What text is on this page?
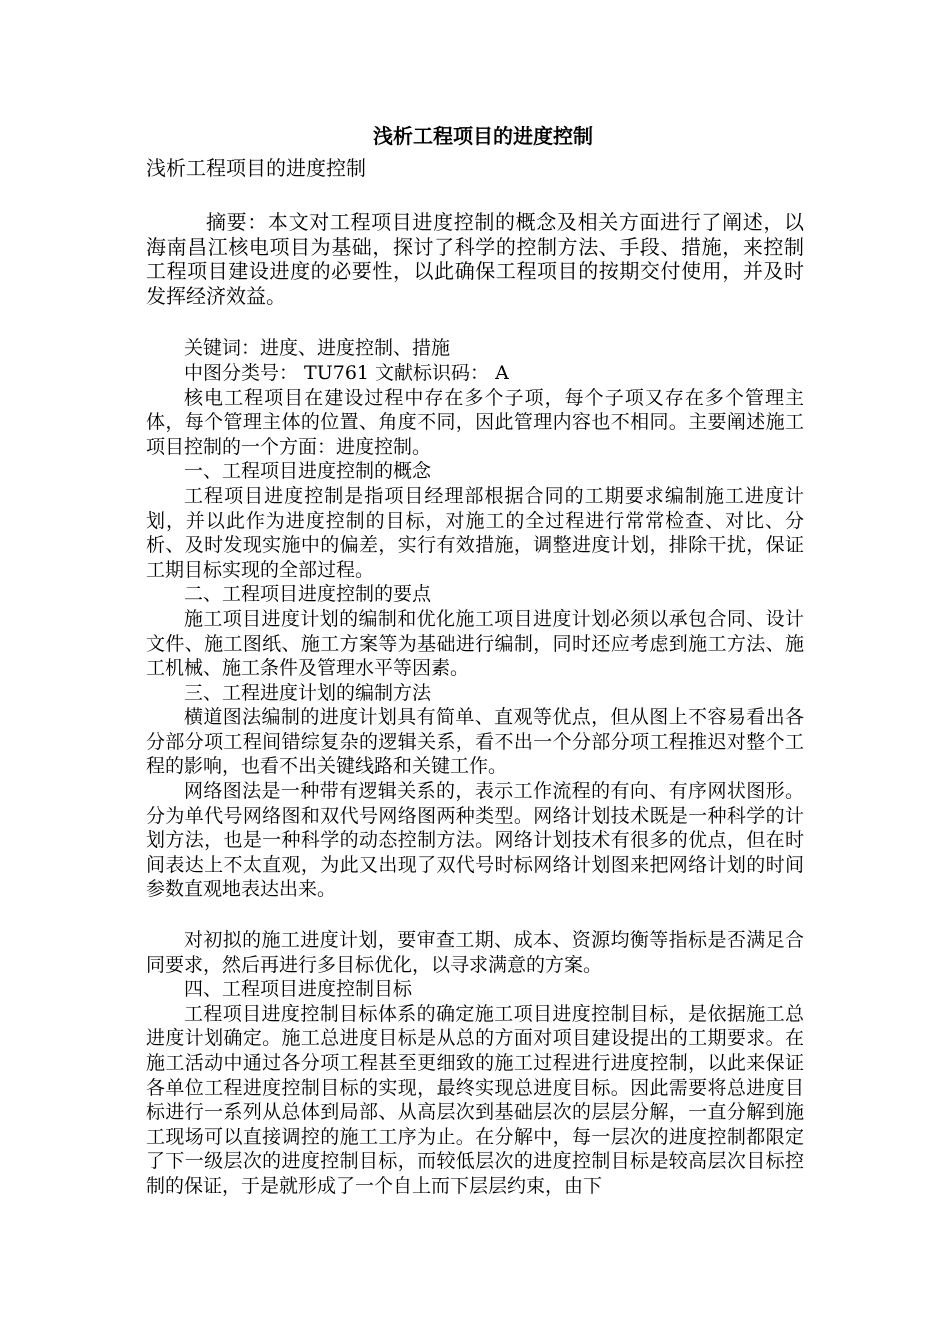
浅析工程项目的进度控制
浅析工程项目的进度控制

摘要：本文对工程项目进度控制的概念及相关方面进行了阐述，以海南昌江核电项目为基础，探讨了科学的控制方法、手段、措施，来控制工程项目建设进度的必要性，以此确保工程项目的按期交付使用，并及时发挥经济效益。

关键词：进度、进度控制、措施

中图分类号： TU761 文献标识码： A

核电工程项目在建设过程中存在多个子项，每个子项又存在多个管理主体，每个管理主体的位置、角度不同，因此管理内容也不相同。主要阐述施工项目控制的一个方面：进度控制。

一、工程项目进度控制的概念

工程项目进度控制是指项目经理部根据合同的工期要求编制施工进度计划，并以此作为进度控制的目标，对施工的全过程进行常常检查、对比、分析、及时发现实施中的偏差，实行有效措施，调整进度计划，排除干扰，保证工期目标实现的全部过程。

二、工程项目进度控制的要点

施工项目进度计划的编制和优化施工项目进度计划必须以承包合同、设计文件、施工图纸、施工方案等为基础进行编制，同时还应考虑到施工方法、施工机械、施工条件及管理水平等因素。

三、工程进度计划的编制方法

横道图法编制的进度计划具有简单、直观等优点，但从图上不容易看出各分部分项工程间错综复杂的逻辑关系，看不出一个分部分项工程推迟对整个工程的影响，也看不出关键线路和关键工作。

网络图法是一种带有逻辑关系的，表示工作流程的有向、有序网状图形。分为单代号网络图和双代号网络图两种类型。网络计划技术既是一种科学的计划方法，也是一种科学的动态控制方法。网络计划技术有很多的优点，但在时间表达上不太直观，为此又出现了双代号时标网络计划图来把网络计划的时间参数直观地表达出来。

对初拟的施工进度计划，要审查工期、成本、资源均衡等指标是否满足合同要求，然后再进行多目标优化，以寻求满意的方案。

四、工程项目进度控制目标

工程项目进度控制目标体系的确定施工项目进度控制目标，是依据施工总进度计划确定。施工总进度目标是从总的方面对项目建设提出的工期要求。在施工活动中通过各分项工程甚至更细致的施工过程进行进度控制，以此来保证各单位工程进度控制目标的实现，最终实现总进度目标。因此需要将总进度目标进行一系列从总体到局部、从高层次到基础层次的层层分解，一直分解到施工现场可以直接调控的施工工序为止。在分解中，每一层次的进度控制都限定了下一级层次的进度控制目标，而较低层次的进度控制目标是较高层次目标控制的保证，于是就形成了一个自上而下层层约束，由下
